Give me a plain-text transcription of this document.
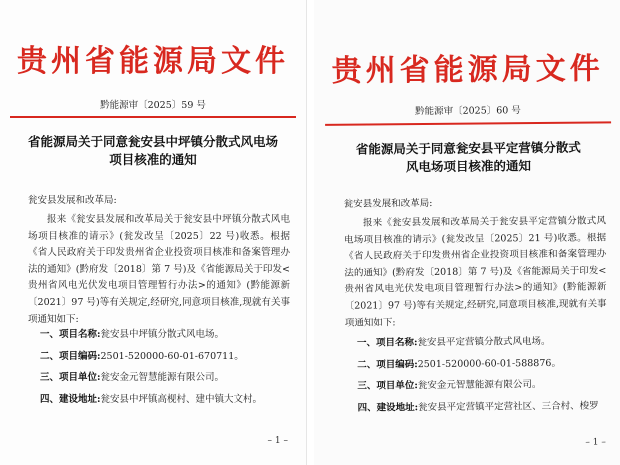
贵州省能源局文件
黔能源审〔2025〕59 号
省能源局关于同意瓮安县中坪镇分散式风电场
项目核准的通知
瓮安县发展和改革局:
报来《瓮安县发展和改革局关于瓮安县中坪镇分散式风电场项目核准的请示》(瓮发改呈〔2025〕22 号)收悉。根据《省人民政府关于印发贵州省企业投资项目核准和备案管理办法的通知》(黔府发〔2018〕第 7 号)及《省能源局关于印发<贵州省风电光伏发电项目管理暂行办法>的通知》(黔能源新〔2021〕97 号)等有关规定,经研究,同意项目核准,现就有关事项通知如下:
一、项目名称:瓮安县中坪镇分散式风电场。
二、项目编码:2501-520000-60-01-670711。
三、项目单位:瓮安金元智慧能源有限公司。
四、建设地址:瓮安县中坪镇高枧村、建中镇大文村。
– 1 –
贵州省能源局文件
黔能源审〔2025〕60 号
省能源局关于同意瓮安县平定营镇分散式
风电场项目核准的通知
瓮安县发展和改革局:
报来《瓮安县发展和改革局关于瓮安县平定营镇分散式风电场项目核准的请示》(瓮发改呈〔2025〕21 号)收悉。根据《省人民政府关于印发贵州省企业投资项目核准和备案管理办法的通知》(黔府发〔2018〕第 7 号)及《省能源局关于印发<贵州省风电光伏发电项目管理暂行办法>的通知》(黔能源新〔2021〕97 号)等有关规定,经研究,同意项目核准,现就有关事项通知如下:
一、项目名称:瓮安县平定营镇分散式风电场。
二、项目编码:2501-520000-60-01-588876。
三、项目单位:瓮安金元智慧能源有限公司。
四、建设地址:瓮安县平定营镇平定营社区、三合村、梭罗
– 1 –
